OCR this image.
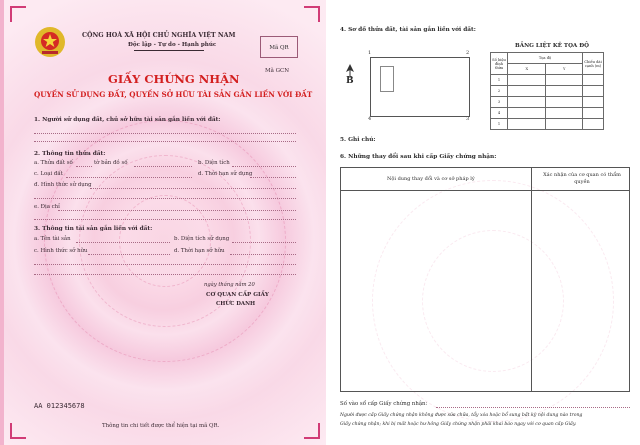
CỘNG HOÀ XÃ HỘI CHỦ NGHĨA VIỆT NAM
Độc lập - Tự do - Hạnh phúc	Mã QR
Mã GCN
GIẤY CHỨNG NHẬN
QUYỀN SỬ DỤNG ĐẤT, QUYỀN SỞ HỮU TÀI SẢN GẮN LIỀN VỚI ĐẤT
1. Người sử dụng đất, chủ sở hữu tài sản gắn liền với đất:
2. Thông tin thửa đất:
a. Thửa đất số	tờ bản đồ số	b. Diện tích
c. Loại đất	d. Thời hạn sử dụng
đ. Hình thức sử dụng
e. Địa chỉ
3. Thông tin tài sản gắn liền với đất:
a. Tên tài sản	b. Diện tích sử dụng
c. Hình thức sở hữu	d. Thời hạn sở hữu
ngày tháng năm 20
CƠ QUAN CẤP GIẤY
CHỨC DANH
AA 012345678
Thông tin chi tiết được thể hiện tại mã QR.
4. Sơ đồ thửa đất, tài sản gắn liền với đất:
1	2
4	3
B
BẢNG LIỆT KÊ TỌA ĐỘ
Số hiệu đỉnh thửa	Tọa độ		Chiều dài cạnh (m)
	X	Y	
1			
2			
3			
4			
1			
5. Ghi chú:
6. Những thay đổi sau khi cấp Giấy chứng nhận:
Nội dung thay đổi và cơ sở pháp lý
Xác nhận của cơ quan có thẩm quyền
Số vào sổ cấp Giấy chứng nhận:
Người được cấp Giấy chứng nhận không được sửa chữa, tẩy xóa hoặc bổ sung bất kỳ nội dung nào trong
Giấy chứng nhận; khi bị mất hoặc hư hỏng Giấy chứng nhận phải khai báo ngay với cơ quan cấp Giấy.
